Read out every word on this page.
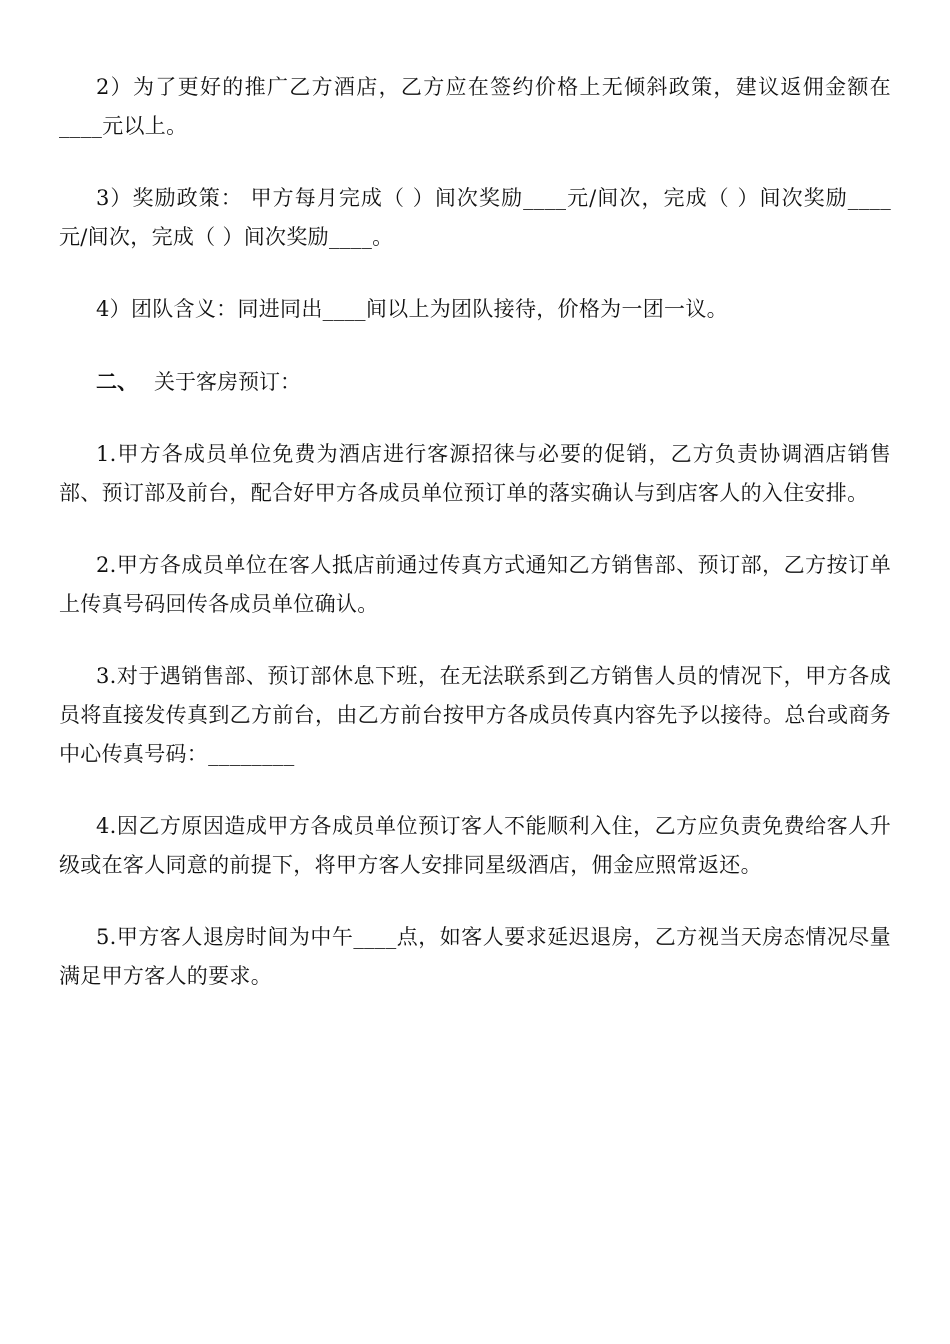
2）为了更好的推广乙方酒店，乙方应在签约价格上无倾斜政策，建议返佣金额在____元以上。

3）奖励政策： 甲方每月完成（ ）间次奖励____元/间次，完成（ ）间次奖励____元/间次，完成（ ）间次奖励____。

4）团队含义：同进同出____间以上为团队接待，价格为一团一议。

二、 关于客房预订：

1.甲方各成员单位免费为酒店进行客源招徕与必要的促销，乙方负责协调酒店销售部、预订部及前台，配合好甲方各成员单位预订单的落实确认与到店客人的入住安排。

2.甲方各成员单位在客人抵店前通过传真方式通知乙方销售部、预订部，乙方按订单上传真号码回传各成员单位确认。

3.对于遇销售部、预订部休息下班，在无法联系到乙方销售人员的情况下，甲方各成员将直接发传真到乙方前台，由乙方前台按甲方各成员传真内容先予以接待。总台或商务中心传真号码：________

4.因乙方原因造成甲方各成员单位预订客人不能顺利入住，乙方应负责免费给客人升级或在客人同意的前提下，将甲方客人安排同星级酒店，佣金应照常返还。

5.甲方客人退房时间为中午____点，如客人要求延迟退房，乙方视当天房态情况尽量满足甲方客人的要求。
